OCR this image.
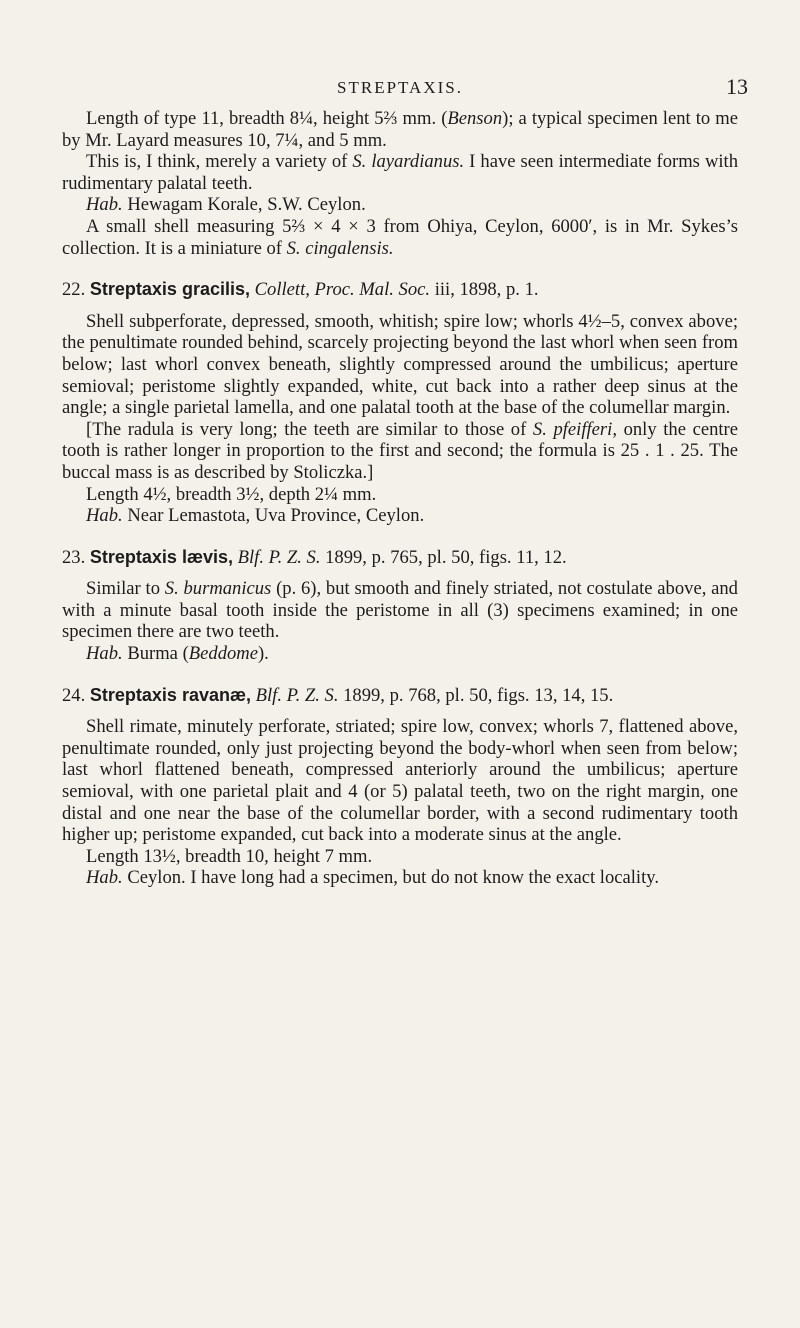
STREPTAXIS.	13

Length of type 11, breadth 8¼, height 5⅔ mm. (Benson); a typical specimen lent to me by Mr. Layard measures 10, 7¼, and 5 mm.

This is, I think, merely a variety of S. layardianus. I have seen intermediate forms with rudimentary palatal teeth.

Hab. Hewagam Korale, S.W. Ceylon.

A small shell measuring 5⅔ × 4 × 3 from Ohiya, Ceylon, 6000′, is in Mr. Sykes’s collection. It is a miniature of S. cingalensis.

22. Streptaxis gracilis, Collett, Proc. Mal. Soc. iii, 1898, p. 1.

Shell subperforate, depressed, smooth, whitish; spire low; whorls 4½–5, convex above; the penultimate rounded behind, scarcely projecting beyond the last whorl when seen from below; last whorl convex beneath, slightly compressed around the umbilicus; aperture semioval; peristome slightly expanded, white, cut back into a rather deep sinus at the angle; a single parietal lamella, and one palatal tooth at the base of the columellar margin.

[The radula is very long; the teeth are similar to those of S. pfeifferi, only the centre tooth is rather longer in proportion to the first and second; the formula is 25 . 1 . 25. The buccal mass is as described by Stoliczka.]

Length 4½, breadth 3½, depth 2¼ mm.

Hab. Near Lemastota, Uva Province, Ceylon.

23. Streptaxis lævis, Blf. P. Z. S. 1899, p. 765, pl. 50, figs. 11, 12.

Similar to S. burmanicus (p. 6), but smooth and finely striated, not costulate above, and with a minute basal tooth inside the peristome in all (3) specimens examined; in one specimen there are two teeth.

Hab. Burma (Beddome).

24. Streptaxis ravanæ, Blf. P. Z. S. 1899, p. 768, pl. 50, figs. 13, 14, 15.

Shell rimate, minutely perforate, striated; spire low, convex; whorls 7, flattened above, penultimate rounded, only just projecting beyond the body-whorl when seen from below; last whorl flattened beneath, compressed anteriorly around the umbilicus; aperture semioval, with one parietal plait and 4 (or 5) palatal teeth, two on the right margin, one distal and one near the base of the columellar border, with a second rudimentary tooth higher up; peristome expanded, cut back into a moderate sinus at the angle.

Length 13½, breadth 10, height 7 mm.

Hab. Ceylon. I have long had a specimen, but do not know the exact locality.
